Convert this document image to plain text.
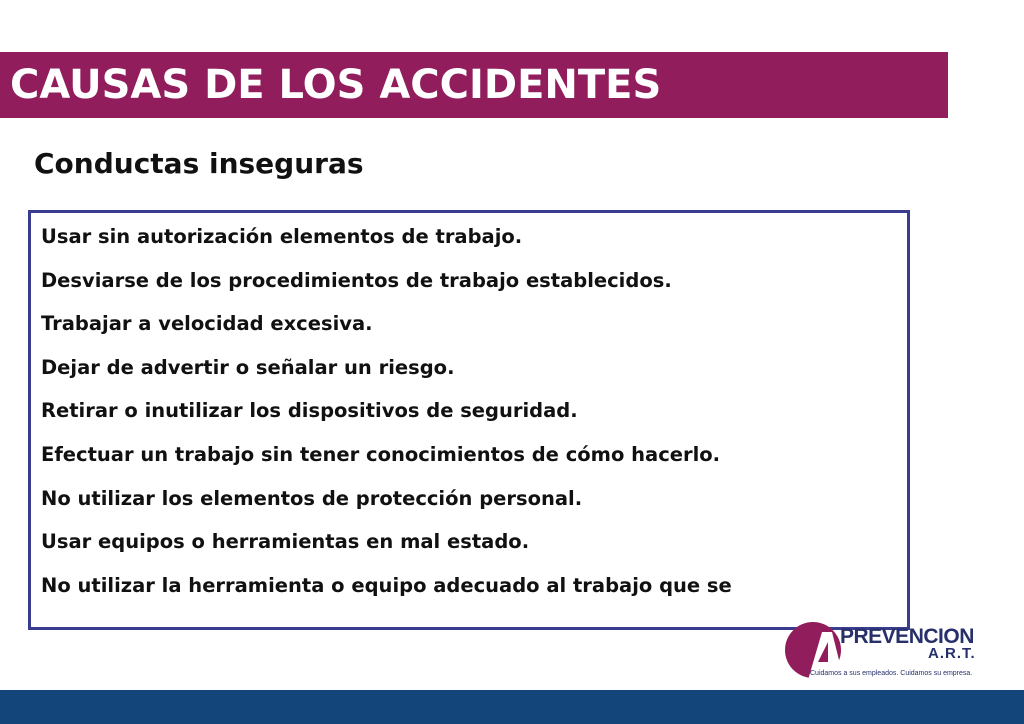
CAUSAS DE LOS ACCIDENTES
Conductas inseguras
Usar sin autorización elementos de trabajo.
Desviarse de los procedimientos de trabajo establecidos.
Trabajar a velocidad excesiva.
Dejar de advertir o señalar un riesgo.
Retirar o inutilizar los dispositivos de seguridad.
Efectuar un trabajo sin tener conocimientos de cómo hacerlo.
No utilizar los elementos de protección personal.
Usar equipos o herramientas en mal estado.
No utilizar la herramienta o equipo adecuado al trabajo que se
PREVENCION
A.R.T.
Cuidamos a sus empleados. Cuidamos su empresa.
